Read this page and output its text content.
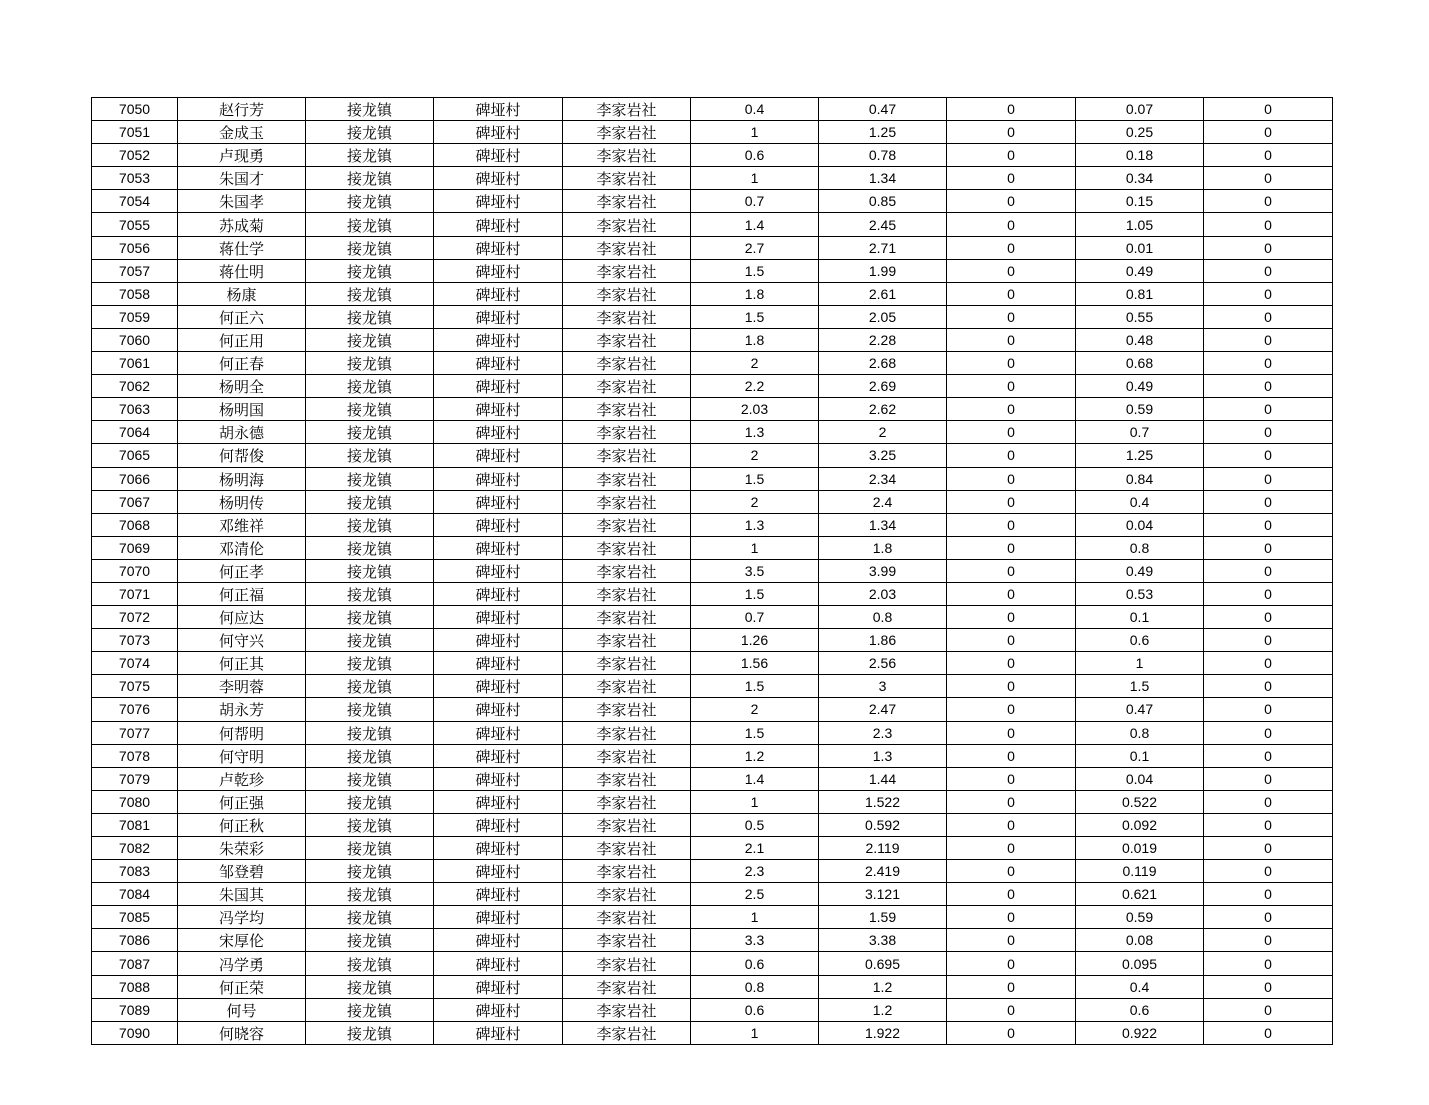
7050	赵行芳	接龙镇	碑垭村	李家岩社	0.4	0.47	0	0.07	0
7051	金成玉	接龙镇	碑垭村	李家岩社	1	1.25	0	0.25	0
7052	卢现勇	接龙镇	碑垭村	李家岩社	0.6	0.78	0	0.18	0
7053	朱国才	接龙镇	碑垭村	李家岩社	1	1.34	0	0.34	0
7054	朱国孝	接龙镇	碑垭村	李家岩社	0.7	0.85	0	0.15	0
7055	苏成菊	接龙镇	碑垭村	李家岩社	1.4	2.45	0	1.05	0
7056	蒋仕学	接龙镇	碑垭村	李家岩社	2.7	2.71	0	0.01	0
7057	蒋仕明	接龙镇	碑垭村	李家岩社	1.5	1.99	0	0.49	0
7058	杨康	接龙镇	碑垭村	李家岩社	1.8	2.61	0	0.81	0
7059	何正六	接龙镇	碑垭村	李家岩社	1.5	2.05	0	0.55	0
7060	何正用	接龙镇	碑垭村	李家岩社	1.8	2.28	0	0.48	0
7061	何正春	接龙镇	碑垭村	李家岩社	2	2.68	0	0.68	0
7062	杨明全	接龙镇	碑垭村	李家岩社	2.2	2.69	0	0.49	0
7063	杨明国	接龙镇	碑垭村	李家岩社	2.03	2.62	0	0.59	0
7064	胡永德	接龙镇	碑垭村	李家岩社	1.3	2	0	0.7	0
7065	何帮俊	接龙镇	碑垭村	李家岩社	2	3.25	0	1.25	0
7066	杨明海	接龙镇	碑垭村	李家岩社	1.5	2.34	0	0.84	0
7067	杨明传	接龙镇	碑垭村	李家岩社	2	2.4	0	0.4	0
7068	邓维祥	接龙镇	碑垭村	李家岩社	1.3	1.34	0	0.04	0
7069	邓清伦	接龙镇	碑垭村	李家岩社	1	1.8	0	0.8	0
7070	何正孝	接龙镇	碑垭村	李家岩社	3.5	3.99	0	0.49	0
7071	何正福	接龙镇	碑垭村	李家岩社	1.5	2.03	0	0.53	0
7072	何应达	接龙镇	碑垭村	李家岩社	0.7	0.8	0	0.1	0
7073	何守兴	接龙镇	碑垭村	李家岩社	1.26	1.86	0	0.6	0
7074	何正其	接龙镇	碑垭村	李家岩社	1.56	2.56	0	1	0
7075	李明蓉	接龙镇	碑垭村	李家岩社	1.5	3	0	1.5	0
7076	胡永芳	接龙镇	碑垭村	李家岩社	2	2.47	0	0.47	0
7077	何帮明	接龙镇	碑垭村	李家岩社	1.5	2.3	0	0.8	0
7078	何守明	接龙镇	碑垭村	李家岩社	1.2	1.3	0	0.1	0
7079	卢乾珍	接龙镇	碑垭村	李家岩社	1.4	1.44	0	0.04	0
7080	何正强	接龙镇	碑垭村	李家岩社	1	1.522	0	0.522	0
7081	何正秋	接龙镇	碑垭村	李家岩社	0.5	0.592	0	0.092	0
7082	朱荣彩	接龙镇	碑垭村	李家岩社	2.1	2.119	0	0.019	0
7083	邹登碧	接龙镇	碑垭村	李家岩社	2.3	2.419	0	0.119	0
7084	朱国其	接龙镇	碑垭村	李家岩社	2.5	3.121	0	0.621	0
7085	冯学均	接龙镇	碑垭村	李家岩社	1	1.59	0	0.59	0
7086	宋厚伦	接龙镇	碑垭村	李家岩社	3.3	3.38	0	0.08	0
7087	冯学勇	接龙镇	碑垭村	李家岩社	0.6	0.695	0	0.095	0
7088	何正荣	接龙镇	碑垭村	李家岩社	0.8	1.2	0	0.4	0
7089	何号	接龙镇	碑垭村	李家岩社	0.6	1.2	0	0.6	0
7090	何晓容	接龙镇	碑垭村	李家岩社	1	1.922	0	0.922	0
